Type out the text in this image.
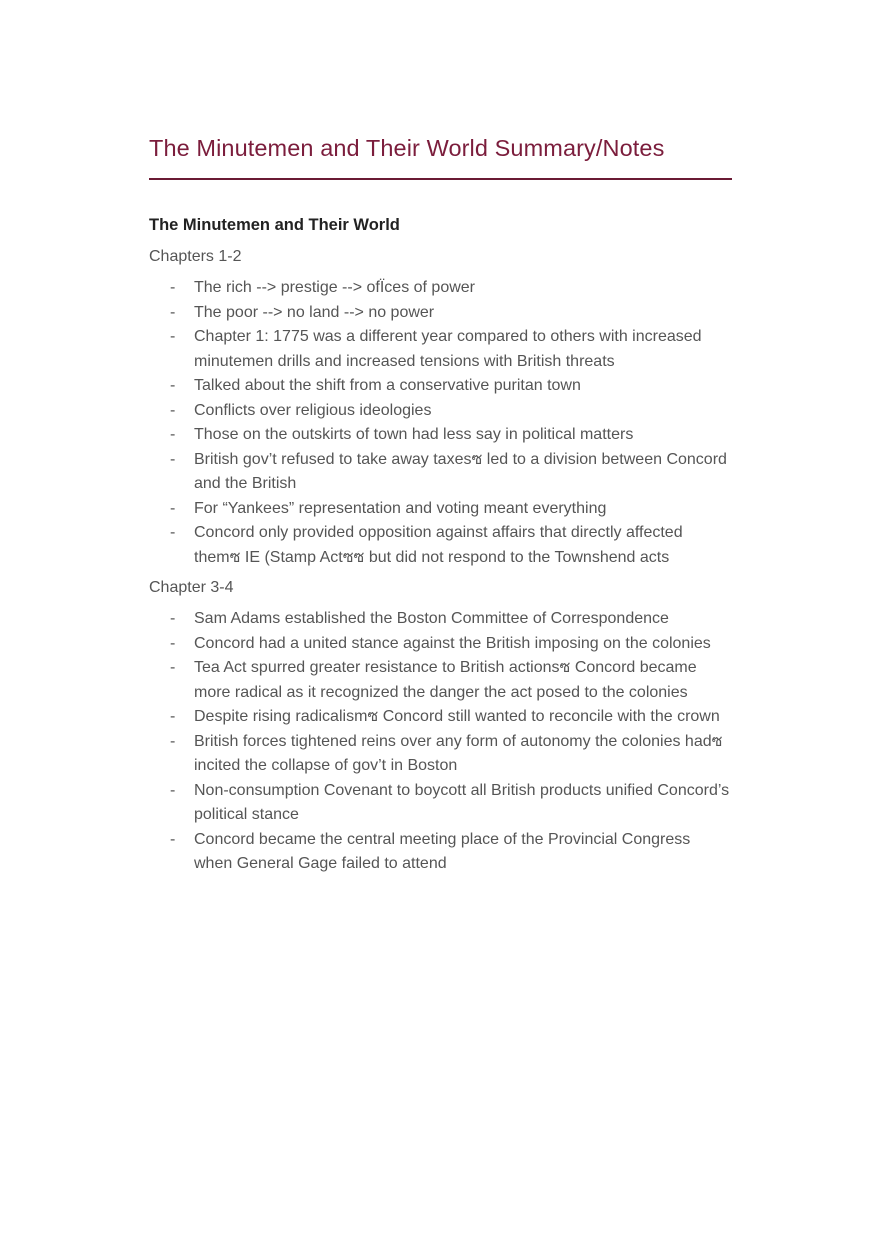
The Minutemen and Their World Summary/Notes
The Minutemen and Their World
Chapters 1-2
- The rich --> prestige --> ofÏces of power
- The poor --> no land --> no power
- Chapter 1: 1775 was a different year compared to others with increased minutemen drills and increased tensions with British threats
- Talked about the shift from a conservative puritan town
- Conflicts over religious ideologies
- Those on the outskirts of town had less say in political matters
- British gov’t refused to take away taxesซ led to a division between Concord and the British
- For “Yankees” representation and voting meant everything
- Concord only provided opposition against affairs that directly affected themซ IE (Stamp Actซซ but did not respond to the Townshend acts
Chapter 3-4
- Sam Adams established the Boston Committee of Correspondence
- Concord had a united stance against the British imposing on the colonies
- Tea Act spurred greater resistance to British actionsซ Concord became more radical as it recognized the danger the act posed to the colonies
- Despite rising radicalismซ Concord still wanted to reconcile with the crown
- British forces tightened reins over any form of autonomy the colonies hadซ incited the collapse of gov’t in Boston
- Non-consumption Covenant to boycott all British products unified Concord’s political stance
- Concord became the central meeting place of the Provincial Congress when General Gage failed to attend
